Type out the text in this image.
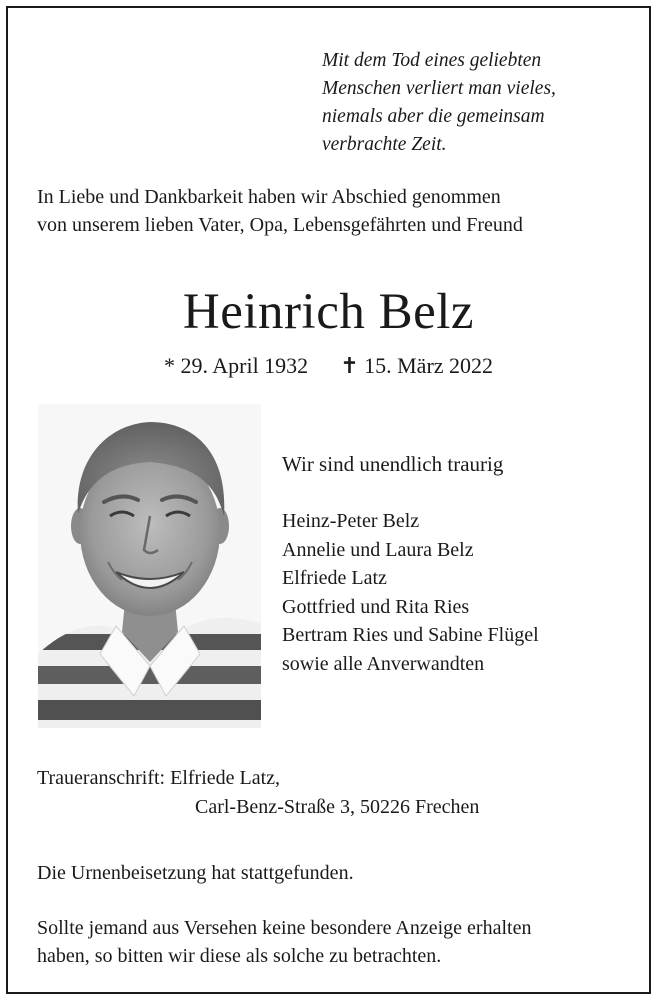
Mit dem Tod eines geliebten
Menschen verliert man vieles,
niemals aber die gemeinsam
verbrachte Zeit.
In Liebe und Dankbarkeit haben wir Abschied genommen
von unserem lieben Vater, Opa, Lebensgefährten und Freund
Heinrich Belz
* 29. April 1932 ✝ 15. März 2022
Wir sind unendlich traurig
Heinz-Peter Belz
Annelie und Laura Belz
Elfriede Latz
Gottfried und Rita Ries
Bertram Ries und Sabine Flügel
sowie alle Anverwandten
Traueranschrift: Elfriede Latz,
Carl-Benz-Straße 3, 50226 Frechen
Die Urnenbeisetzung hat stattgefunden.
Sollte jemand aus Versehen keine besondere Anzeige erhalten
haben, so bitten wir diese als solche zu betrachten.
